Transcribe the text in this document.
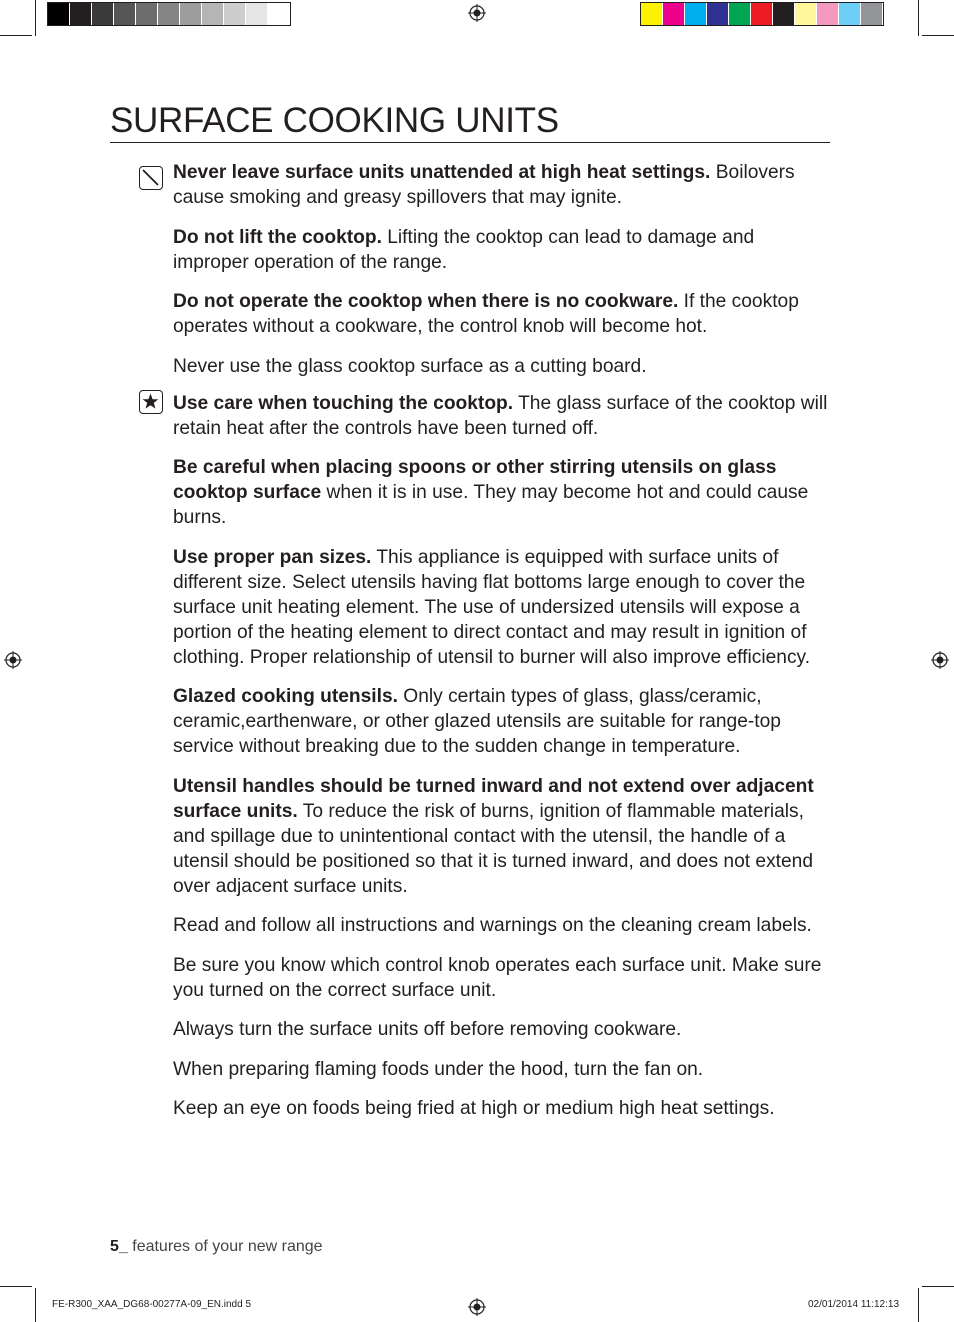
SURFACE COOKING UNITS

Never leave surface units unattended at high heat settings. Boilovers cause smoking and greasy spillovers that may ignite.

Do not lift the cooktop. Lifting the cooktop can lead to damage and improper operation of the range.

Do not operate the cooktop when there is no cookware. If the cooktop operates without a cookware, the control knob will become hot.

Never use the glass cooktop surface as a cutting board.

Use care when touching the cooktop. The glass surface of the cooktop will retain heat after the controls have been turned off.

Be careful when placing spoons or other stirring utensils on glass cooktop surface when it is in use. They may become hot and could cause burns.

Use proper pan sizes. This appliance is equipped with surface units of different size. Select utensils having flat bottoms large enough to cover the surface unit heating element. The use of undersized utensils will expose a portion of the heating element to direct contact and may result in ignition of clothing. Proper relationship of utensil to burner will also improve efficiency.

Glazed cooking utensils. Only certain types of glass, glass/ceramic, ceramic,earthenware, or other glazed utensils are suitable for range-top service without breaking due to the sudden change in temperature.

Utensil handles should be turned inward and not extend over adjacent surface units. To reduce the risk of burns, ignition of flammable materials, and spillage due to unintentional contact with the utensil, the handle of a utensil should be positioned so that it is turned inward, and does not extend over adjacent surface units.

Read and follow all instructions and warnings on the cleaning cream labels.

Be sure you know which control knob operates each surface unit. Make sure you turned on the correct surface unit.

Always turn the surface units off before removing cookware.

When preparing flaming foods under the hood, turn the fan on.

Keep an eye on foods being fried at high or medium high heat settings.

5_ features of your new range
FE-R300_XAA_DG68-00277A-09_EN.indd 5	02/01/2014 11:12:13
